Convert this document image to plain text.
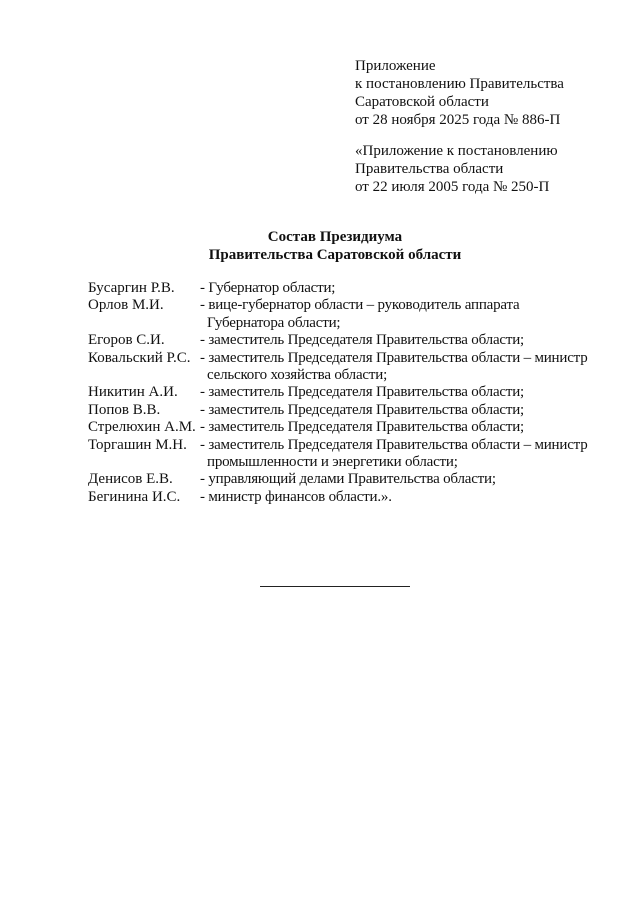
Приложение
к постановлению Правительства
Саратовской области
от 28 ноября 2025 года № 886-П
«Приложение к постановлению
Правительства области
от 22 июля 2005 года № 250-П
Состав Президиума
Правительства Саратовской области
Бусаргин Р.В.	- Губернатор области;
Орлов М.И.	- вице-губернатор области – руководитель аппарата Губернатора области;
Егоров С.И.	- заместитель Председателя Правительства области;
Ковальский Р.С. - заместитель Председателя Правительства области – министр сельского хозяйства области;
Никитин А.И.	- заместитель Председателя Правительства области;
Попов В.В.	- заместитель Председателя Правительства области;
Стрелюхин А.М. - заместитель Председателя Правительства области;
Торгашин М.Н. - заместитель Председателя Правительства области – министр промышленности и энергетики области;
Денисов Е.В.	- управляющий делами Правительства области;
Бегинина И.С.	- министр финансов области.».
